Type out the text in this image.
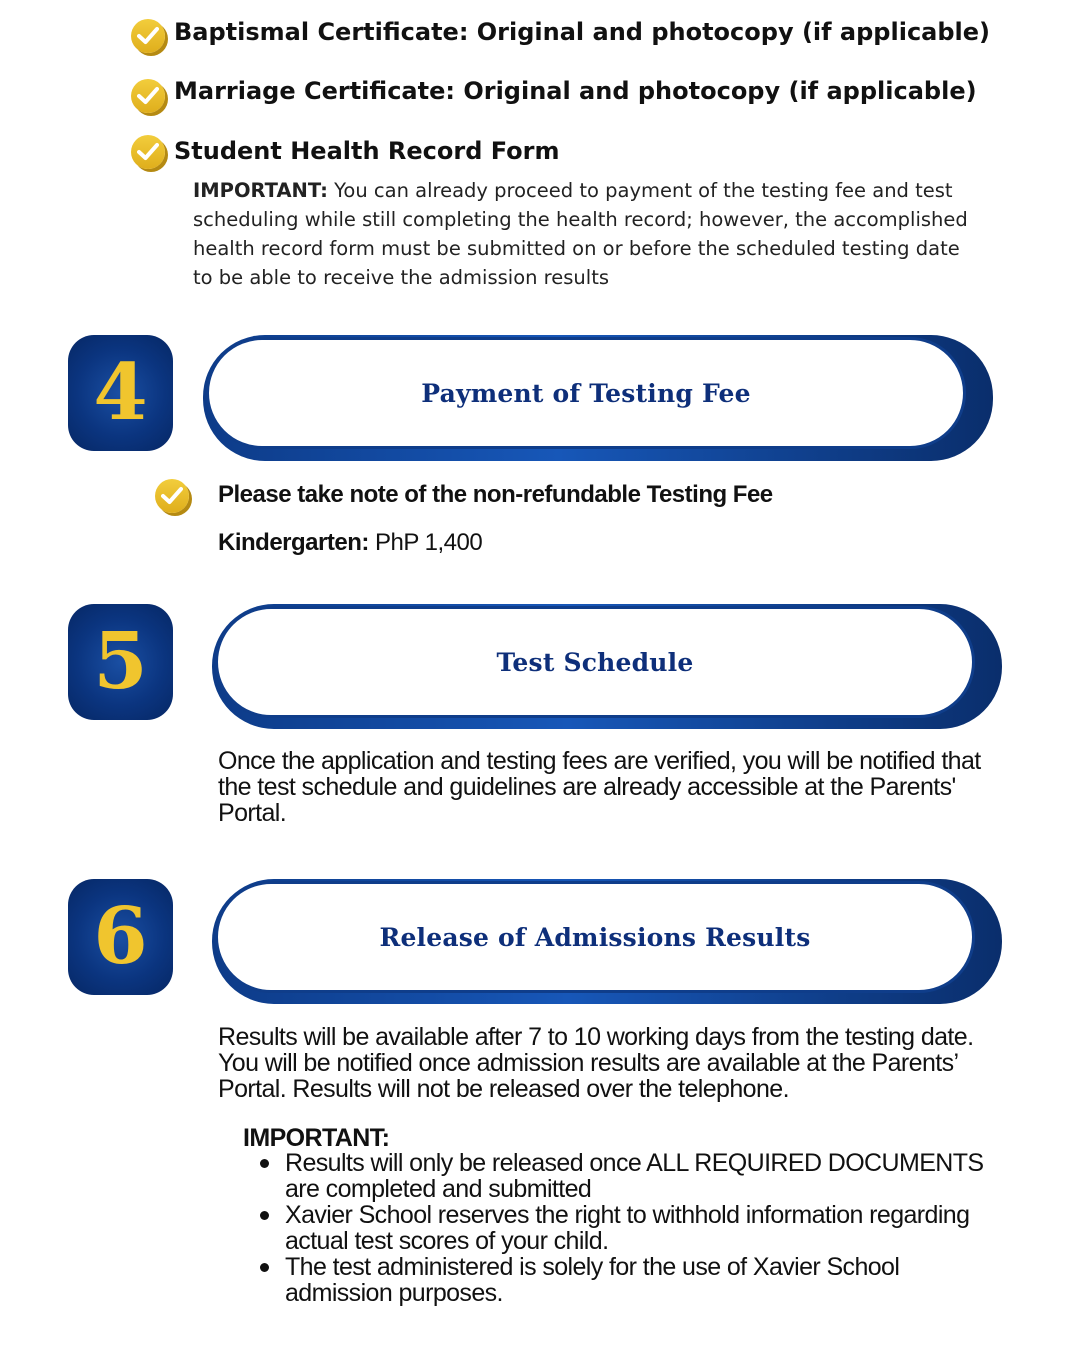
Baptismal Certificate: Original and photocopy (if applicable)
Marriage Certificate: Original and photocopy (if applicable)
Student Health Record Form
IMPORTANT: You can already proceed to payment of the testing fee and test scheduling while still completing the health record; however, the accomplished health record form must be submitted on or before the scheduled testing date to be able to receive the admission results
4	Payment of Testing Fee
Please take note of the non-refundable Testing Fee
Kindergarten: PhP 1,400
5	Test Schedule
Once the application and testing fees are verified, you will be notified that the test schedule and guidelines are already accessible at the Parents' Portal.
6	Release of Admissions Results
Results will be available after 7 to 10 working days from the testing date. You will be notified once admission results are available at the Parents’ Portal. Results will not be released over the telephone.
IMPORTANT:
Results will only be released once ALL REQUIRED DOCUMENTS are completed and submitted
Xavier School reserves the right to withhold information regarding actual test scores of your child.
The test administered is solely for the use of Xavier School admission purposes.
